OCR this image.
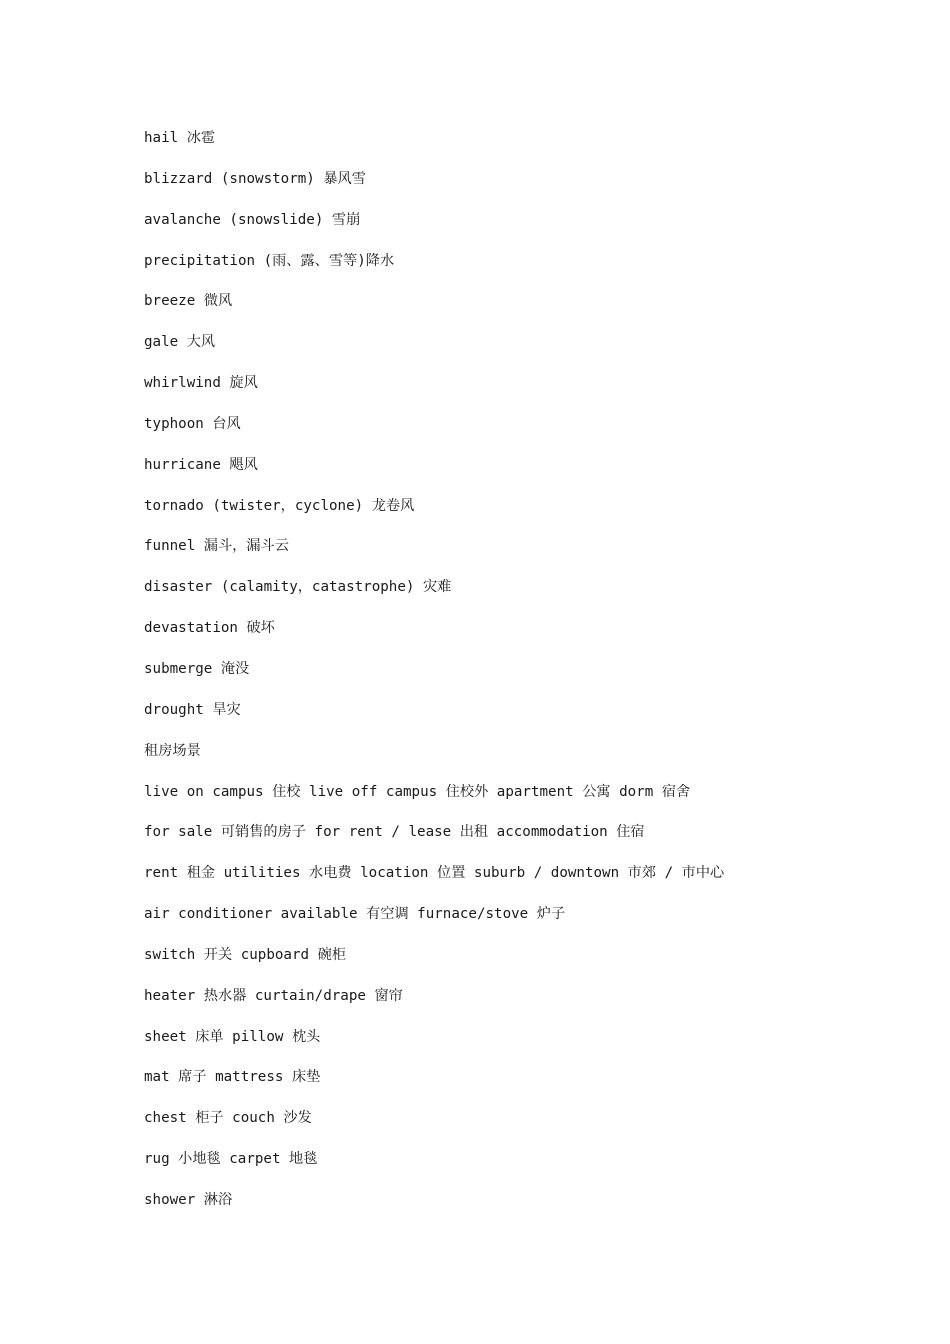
hail 冰雹
blizzard (snowstorm) 暴风雪
avalanche (snowslide) 雪崩
precipitation (雨、露、雪等)降水
breeze 微风
gale 大风
whirlwind 旋风
typhoon 台风
hurricane 飓风
tornado (twister，cyclone) 龙卷风
funnel 漏斗，漏斗云
disaster (calamity，catastrophe) 灾难
devastation 破坏
submerge 淹没
drought 旱灾
租房场景
live on campus 住校 live off campus 住校外 apartment 公寓 dorm 宿舍
for sale 可销售的房子 for rent / lease 出租 accommodation 住宿
rent 租金 utilities 水电费 location 位置 suburb / downtown 市郊 / 市中心
air conditioner available 有空调 furnace/stove 炉子
switch 开关 cupboard 碗柜
heater 热水器 curtain/drape 窗帘
sheet 床单 pillow 枕头
mat 席子 mattress 床垫
chest 柜子 couch 沙发
rug 小地毯 carpet 地毯
shower 淋浴
